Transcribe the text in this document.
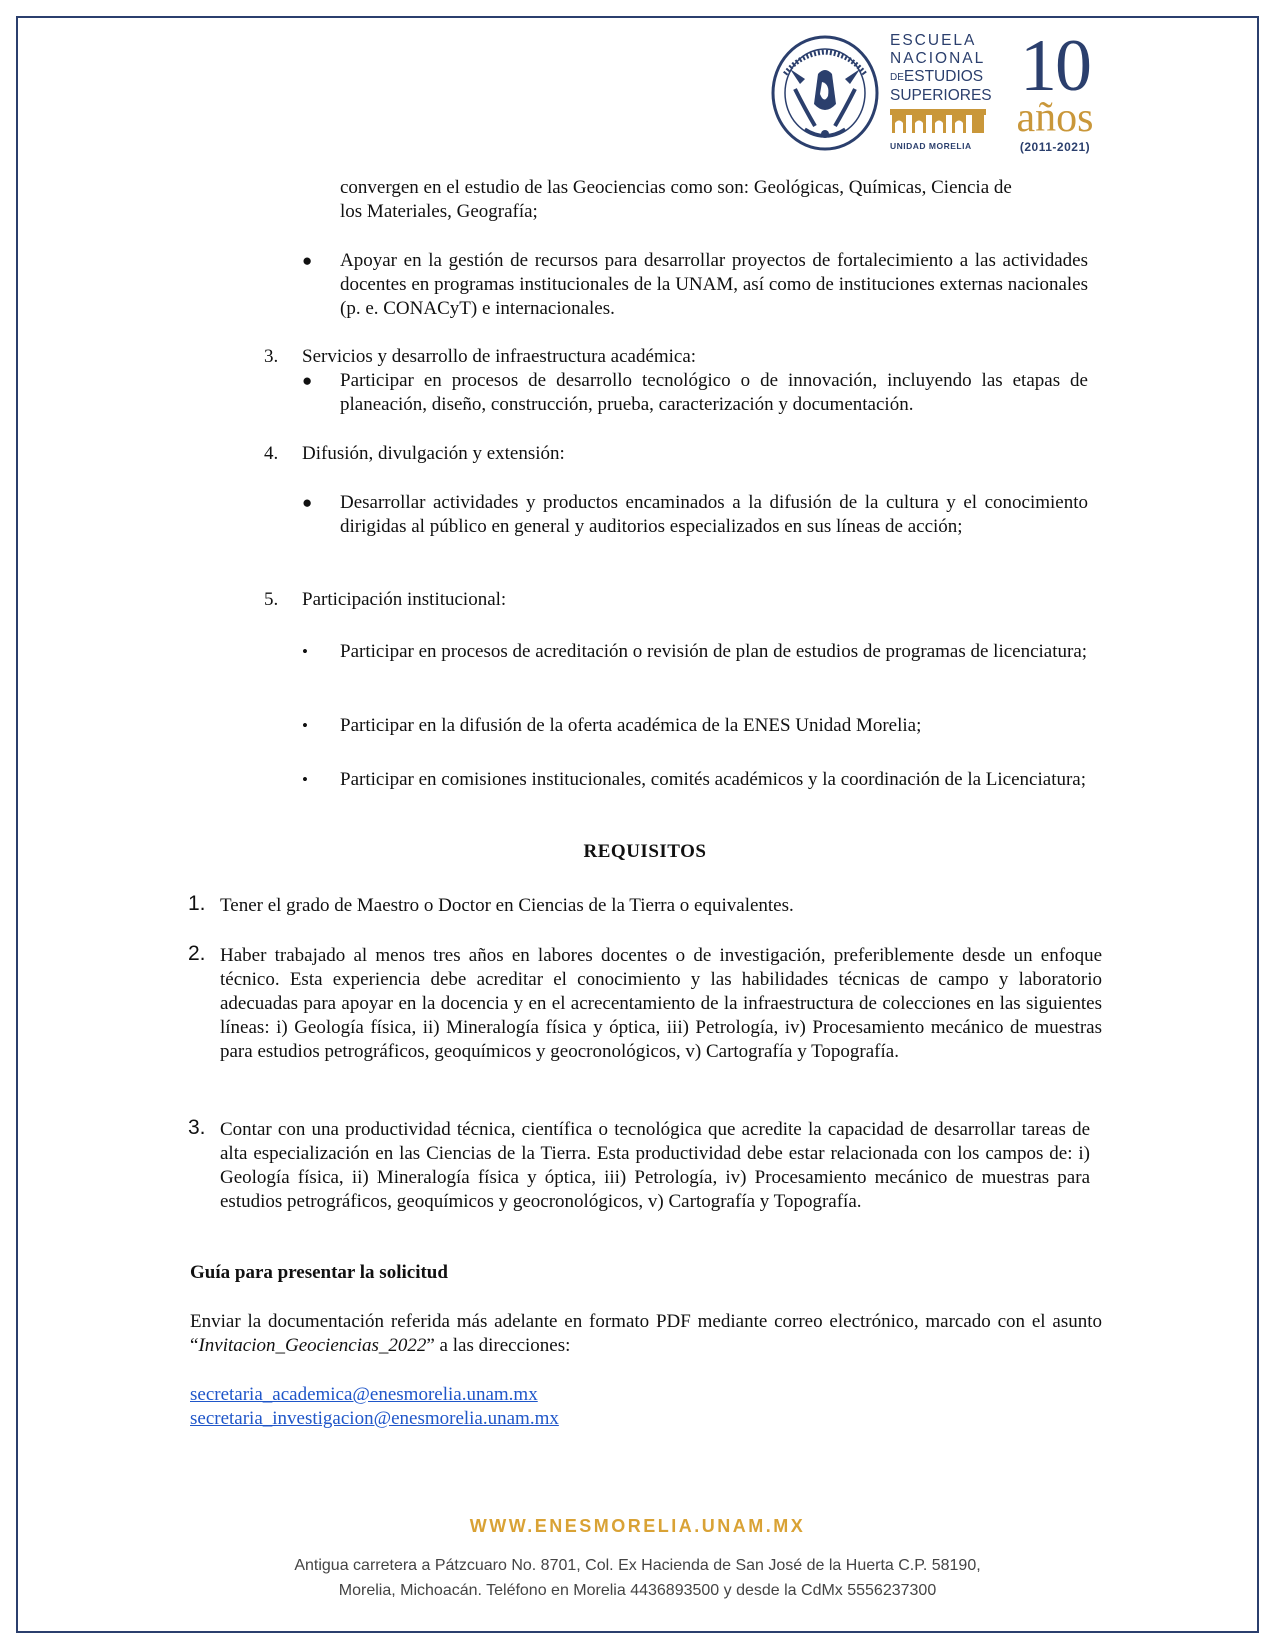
ESCUELA
NACIONAL
DEESTUDIOS
SUPERIORES
UNIDAD MORELIA
10
años
(2011-2021)
convergen en el estudio de las Geociencias como son: Geológicas, Químicas, Ciencia de
los Materiales, Geografía;
● Apoyar en la gestión de recursos para desarrollar proyectos de fortalecimiento a las actividades docentes en programas institucionales de la UNAM, así como de instituciones externas nacionales (p. e. CONACyT) e internacionales.
3. Servicios y desarrollo de infraestructura académica:
● Participar en procesos de desarrollo tecnológico o de innovación, incluyendo las etapas de planeación, diseño, construcción, prueba, caracterización y documentación.
4. Difusión, divulgación y extensión:
● Desarrollar actividades y productos encaminados a la difusión de la cultura y el conocimiento dirigidas al público en general y auditorios especializados en sus líneas de acción;
5. Participación institucional:
• Participar en procesos de acreditación o revisión de plan de estudios de programas de licenciatura;
• Participar en la difusión de la oferta académica de la ENES Unidad Morelia;
• Participar en comisiones institucionales, comités académicos y la coordinación de la Licenciatura;
REQUISITOS
1. Tener el grado de Maestro o Doctor en Ciencias de la Tierra o equivalentes.
2. Haber trabajado al menos tres años en labores docentes o de investigación, preferiblemente desde un enfoque técnico. Esta experiencia debe acreditar el conocimiento y las habilidades técnicas de campo y laboratorio adecuadas para apoyar en la docencia y en el acrecentamiento de la infraestructura de colecciones en las siguientes líneas: i) Geología física, ii) Mineralogía física y óptica, iii) Petrología, iv) Procesamiento mecánico de muestras para estudios petrográficos, geoquímicos y geocronológicos, v) Cartografía y Topografía.
3. Contar con una productividad técnica, científica o tecnológica que acredite la capacidad de desarrollar tareas de alta especialización en las Ciencias de la Tierra. Esta productividad debe estar relacionada con los campos de: i) Geología física, ii) Mineralogía física y óptica, iii) Petrología, iv) Procesamiento mecánico de muestras para estudios petrográficos, geoquímicos y geocronológicos, v) Cartografía y Topografía.
Guía para presentar la solicitud
Enviar la documentación referida más adelante en formato PDF mediante correo electrónico, marcado con el asunto “Invitacion_Geociencias_2022” a las direcciones:
secretaria_academica@enesmorelia.unam.mx
secretaria_investigacion@enesmorelia.unam.mx
WWW.ENESMORELIA.UNAM.MX
Antigua carretera a Pátzcuaro No. 8701, Col. Ex Hacienda de San José de la Huerta C.P. 58190,
Morelia, Michoacán. Teléfono en Morelia 4436893500 y desde la CdMx 5556237300
